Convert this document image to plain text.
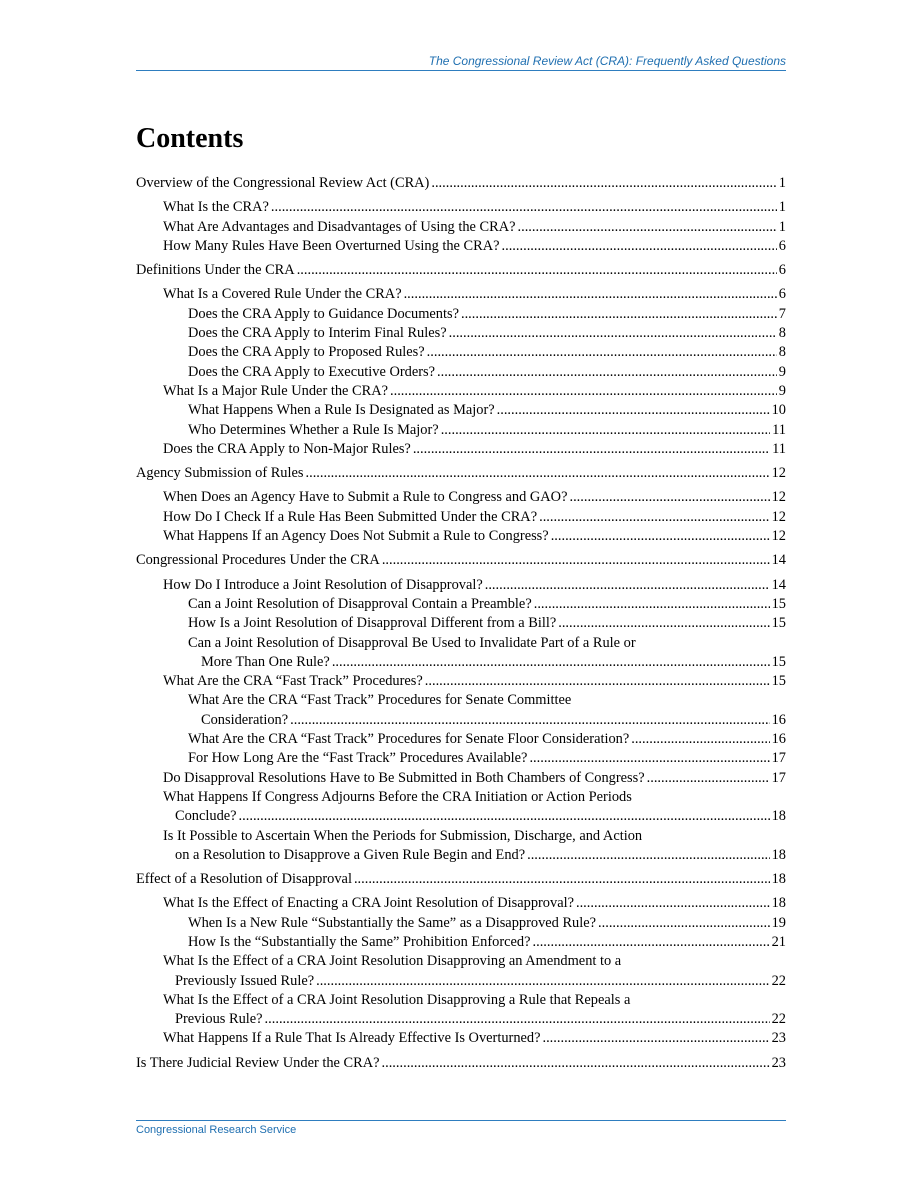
The Congressional Review Act (CRA): Frequently Asked Questions
Contents
Overview of the Congressional Review Act (CRA) .....	1
What Is the CRA? .....	1
What Are Advantages and Disadvantages of Using the CRA? .....	1
How Many Rules Have Been Overturned Using the CRA? .....	6
Definitions Under the CRA .....	6
What Is a Covered Rule Under the CRA? .....	6
Does the CRA Apply to Guidance Documents? .....	7
Does the CRA Apply to Interim Final Rules? .....	8
Does the CRA Apply to Proposed Rules? .....	8
Does the CRA Apply to Executive Orders? .....	9
What Is a Major Rule Under the CRA? .....	9
What Happens When a Rule Is Designated as Major? .....	10
Who Determines Whether a Rule Is Major? .....	11
Does the CRA Apply to Non-Major Rules? .....	11
Agency Submission of Rules .....	12
When Does an Agency Have to Submit a Rule to Congress and GAO? .....	12
How Do I Check If a Rule Has Been Submitted Under the CRA? .....	12
What Happens If an Agency Does Not Submit a Rule to Congress? .....	12
Congressional Procedures Under the CRA .....	14
How Do I Introduce a Joint Resolution of Disapproval? .....	14
Can a Joint Resolution of Disapproval Contain a Preamble? .....	15
How Is a Joint Resolution of Disapproval Different from a Bill? .....	15
Can a Joint Resolution of Disapproval Be Used to Invalidate Part of a Rule or
More Than One Rule? .....	15
What Are the CRA “Fast Track” Procedures? .....	15
What Are the CRA “Fast Track” Procedures for Senate Committee
Consideration? .....	16
What Are the CRA “Fast Track” Procedures for Senate Floor Consideration? .....	16
For How Long Are the “Fast Track” Procedures Available? .....	17
Do Disapproval Resolutions Have to Be Submitted in Both Chambers of Congress? .....	17
What Happens If Congress Adjourns Before the CRA Initiation or Action Periods
Conclude? .....	18
Is It Possible to Ascertain When the Periods for Submission, Discharge, and Action
on a Resolution to Disapprove a Given Rule Begin and End? .....	18
Effect of a Resolution of Disapproval .....	18
What Is the Effect of Enacting a CRA Joint Resolution of Disapproval? .....	18
When Is a New Rule “Substantially the Same” as a Disapproved Rule? .....	19
How Is the “Substantially the Same” Prohibition Enforced? .....	21
What Is the Effect of a CRA Joint Resolution Disapproving an Amendment to a
Previously Issued Rule? .....	22
What Is the Effect of a CRA Joint Resolution Disapproving a Rule that Repeals a
Previous Rule? .....	22
What Happens If a Rule That Is Already Effective Is Overturned? .....	23
Is There Judicial Review Under the CRA? .....	23
Congressional Research Service
